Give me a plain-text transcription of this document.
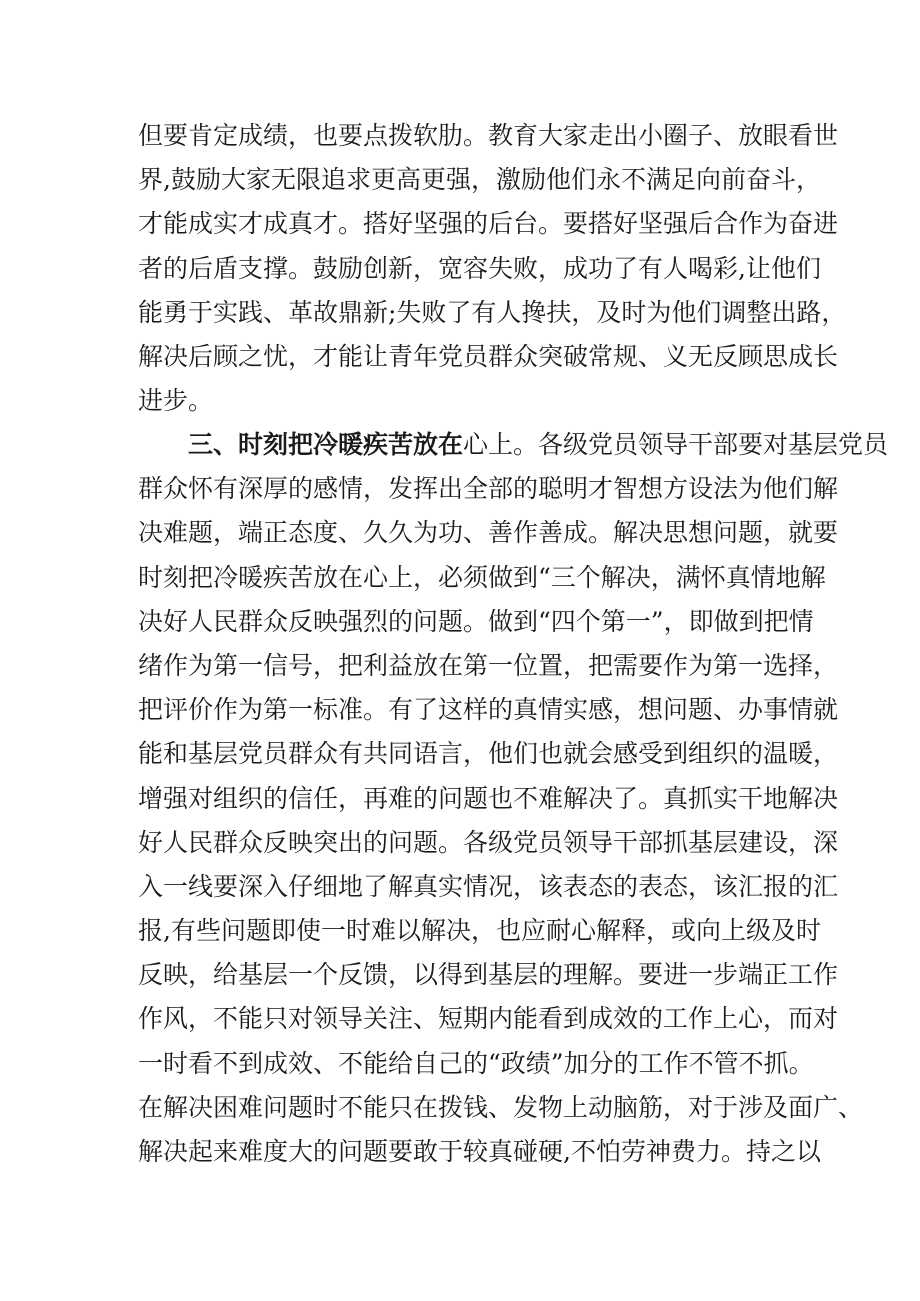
但要肯定成绩，也要点拨软肋。教育大家走出小圈子、放眼看世
界,鼓励大家无限追求更高更强，激励他们永不满足向前奋斗，
才能成实才成真才。搭好坚强的后台。要搭好坚强后合作为奋进
者的后盾支撑。鼓励创新，宽容失败，成功了有人喝彩,让他们
能勇于实践、革故鼎新;失败了有人搀扶，及时为他们调整出路，
解决后顾之忧，才能让青年党员群众突破常规、义无反顾思成长
进步。
三、时刻把冷暖疾苦放在心上。各级党员领导干部要对基层党员
群众怀有深厚的感情，发挥出全部的聪明才智想方设法为他们解
决难题，端正态度、久久为功、善作善成。解决思想问题，就要
时刻把冷暖疾苦放在心上，必须做到“三个解决，满怀真情地解
决好人民群众反映强烈的问题。做到“四个第一”，即做到把情
绪作为第一信号，把利益放在第一位置，把需要作为第一选择，
把评价作为第一标准。有了这样的真情实感，想问题、办事情就
能和基层党员群众有共同语言，他们也就会感受到组织的温暖，
增强对组织的信任，再难的问题也不难解决了。真抓实干地解决
好人民群众反映突出的问题。各级党员领导干部抓基层建设，深
入一线要深入仔细地了解真实情况，该表态的表态，该汇报的汇
报,有些问题即使一时难以解决，也应耐心解释，或向上级及时
反映，给基层一个反馈，以得到基层的理解。要进一步端正工作
作风，不能只对领导关注、短期内能看到成效的工作上心，而对
一时看不到成效、不能给自己的“政绩”加分的工作不管不抓。
在解决困难问题时不能只在拨钱、发物上动脑筋，对于涉及面广、
解决起来难度大的问题要敢于较真碰硬,不怕劳神费力。持之以
